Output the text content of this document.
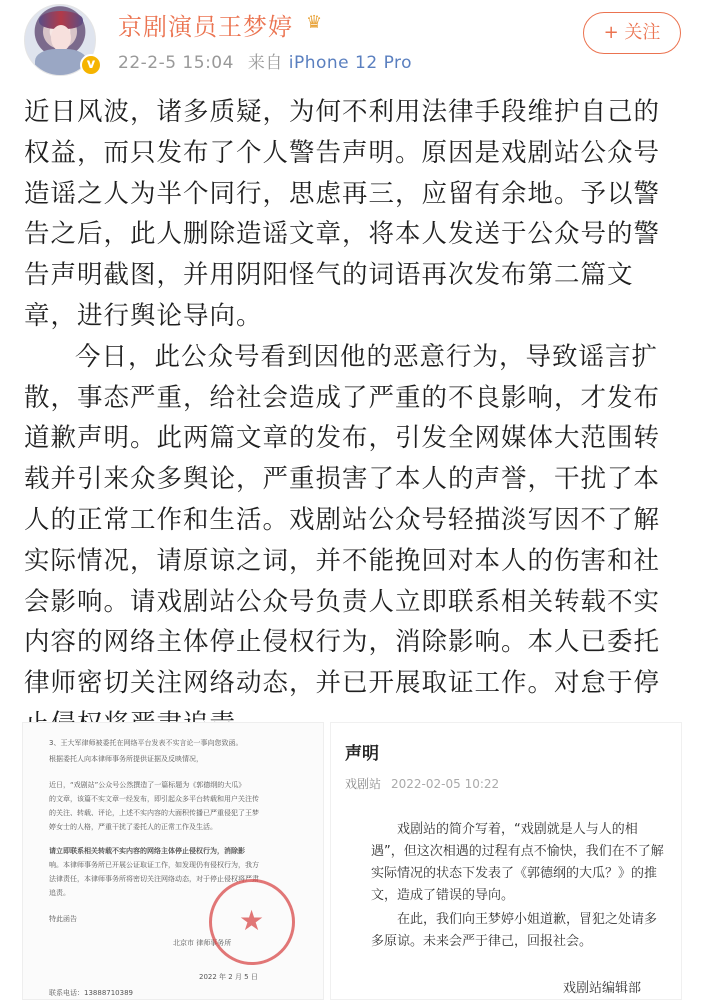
v
京剧演员王梦婷 ♛
22-2-5 15:04 来自 iPhone 12 Pro
+ 关注

近日风波，诸多质疑，为何不利用法律手段维护自己的权益，而只发布了个人警告声明。原因是戏剧站公众号造谣之人为半个同行，思虑再三，应留有余地。予以警告之后，此人删除造谣文章，将本人发送于公众号的警告声明截图，并用阴阳怪气的词语再次发布第二篇文章，进行舆论导向。

今日，此公众号看到因他的恶意行为，导致谣言扩散，事态严重，给社会造成了严重的不良影响，才发布道歉声明。此两篇文章的发布，引发全网媒体大范围转载并引来众多舆论，严重损害了本人的声誉，干扰了本人的正常工作和生活。戏剧站公众号轻描淡写因不了解实际情况，请原谅之词，并不能挽回对本人的伤害和社会影响。请戏剧站公众号负责人立即联系相关转载不实内容的网络主体停止侵权行为，消除影响。本人已委托律师密切关注网络动态，并已开展取证工作。对怠于停

3、王大军律师被委托在网络平台发表不实言论一事向您致函。
根据委托人向本律师事务所提供证据及反映情况，
近日，“戏剧站”公众号公然撰造了一篇标题为《郭德纲的大瓜》
的文章，该篇不实文章一经发布，即引起众多平台转载和用户关注传
的关注、转载、评论，上述不实内容的大面积传播已严重侵犯了王梦
婷女士的人格，严重干扰了委托人的正常工作及生活。
请立即联系相关转载不实内容的网络主体停止侵权行为，消除影
响。本律师事务所已开展公证取证工作，如发现仍有侵权行为，我方
法律责任，本律师事务所将密切关注网络动态，对于停止侵权将严肃
追责。
特此函告
北京市 律师事务所
2022 年 2 月 5 日
联系电话：13888710389
★
声明
戏剧站 2022-02-05 10:22
戏剧站的简介写着，“戏剧就是人与人的相遇”，但这次相遇的过程有点不愉快，我们在不了解实际情况的状态下发表了《郭德纲的大瓜？》的推文，造成了错误的导向。
在此，我们向王梦婷小姐道歉，冒犯之处请多多原谅。未来会严于律己，回报社会。
戏剧站编辑部
